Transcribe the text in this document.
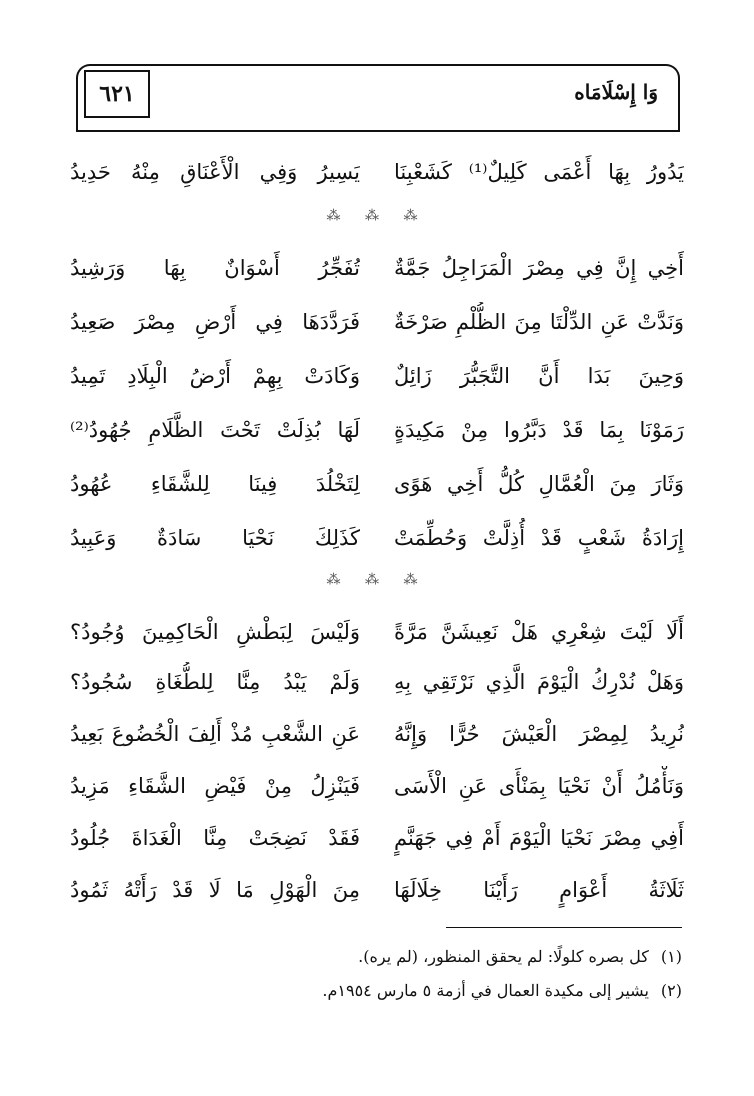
٦٢١	وَا إِسْلَامَاه
يَدُورُ بِهَا أَعْمَى كَلِيلٌ⁽¹⁾ كَشَعْبِنَا
يَسِيرُ وَفِي الْأَعْنَاقِ مِنْهُ حَدِيدُ
⁂ ⁂ ⁂
أَخِي إِنَّ فِي مِصْرَ الْمَرَاجِلُ جَمَّةٌ
تُفَجِّرُ أَسْوَانٌ بِهَا وَرَشِيدُ
وَنَدَّتْ عَنِ الدِّلْتَا مِنَ الظُّلْمِ صَرْخَةٌ
فَرَدَّدَهَا فِي أَرْضِ مِصْرَ صَعِيدُ
وَحِينَ بَدَا أَنَّ التَّجَبُّرَ زَائِلٌ
وَكَادَتْ بِهِمْ أَرْضُ الْبِلَادِ تَمِيدُ
رَمَوْنَا بِمَا قَدْ دَبَّرُوا مِنْ مَكِيدَةٍ
لَهَا بُذِلَتْ تَحْتَ الظَّلَامِ جُهُودُ⁽²⁾
وَثَارَ مِنَ الْعُمَّالِ كُلُّ أَخِي هَوًى
لِتَخْلُدَ فِينَا لِلشَّقَاءِ عُهُودُ
إِرَادَةُ شَعْبٍ قَدْ أُذِلَّتْ وَحُطِّمَتْ
كَذَلِكَ نَحْيَا سَادَةٌ وَعَبِيدُ
⁂ ⁂ ⁂
أَلَا لَيْتَ شِعْرِي هَلْ نَعِيشَنَّ مَرَّةً
وَلَيْسَ لِبَطْشِ الْحَاكِمِينَ وُجُودُ؟
وَهَلْ نُدْرِكُ الْيَوْمَ الَّذِي نَرْتَقِي بِهِ
وَلَمْ يَبْدُ مِنَّا لِلطُّغَاةِ سُجُودُ؟
نُرِيدُ لِمِصْرَ الْعَيْشَ حُرًّا وَإِنَّهُ
عَنِ الشَّعْبِ مُذْ أَلِفَ الْخُضُوعَ بَعِيدُ
وَنَأْمُلُ أَنْ نَحْيَا بِمَنْأَى عَنِ الْأَسَى
فَيَنْزِلُ مِنْ فَيْضِ الشَّقَاءِ مَزِيدُ
أَفِي مِصْرَ نَحْيَا الْيَوْمَ أَمْ فِي جَهَنَّمٍ
فَقَدْ نَضِجَتْ مِنَّا الْغَدَاةَ جُلُودُ
ثَلَاثَةُ أَعْوَامٍ رَأَيْنَا خِلَالَهَا
مِنَ الْهَوْلِ مَا لَا قَدْ رَأَتْهُ ثَمُودُ
(١)كل بصره كلولًا: لم يحقق المنظور، (لم يره).
(٢)يشير إلى مكيدة العمال في أزمة ٥ مارس ١٩٥٤م.
